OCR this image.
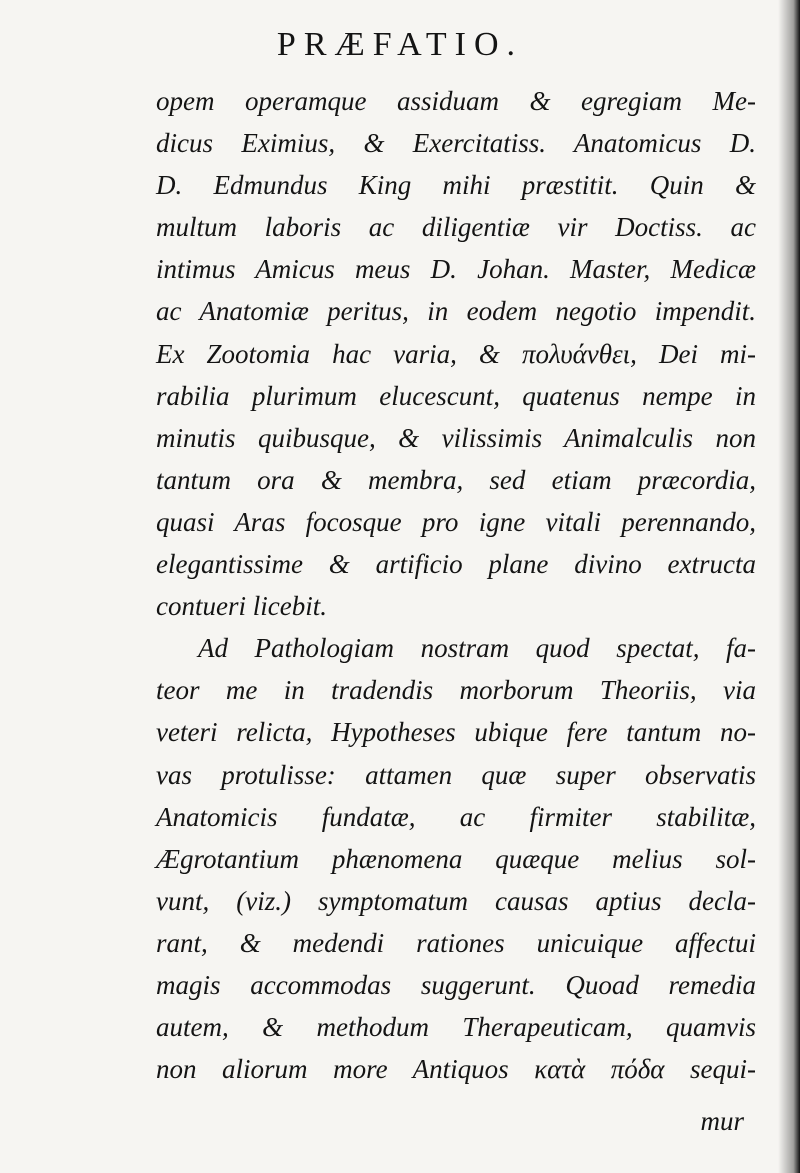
PRÆFATIO.
opem operamque assiduam & egregiam Me-
dicus Eximius, & Exercitatiss. Anatomicus D.
D. Edmundus King mihi præstitit. Quin &
multum laboris ac diligentiæ vir Doctiss. ac
intimus Amicus meus D. Johan. Master, Medicæ
ac Anatomiæ peritus, in eodem negotio impendit.
Ex Zootomia hac varia, & πολυάνθει, Dei mi-
rabilia plurimum elucescunt, quatenus nempe in
minutis quibusque, & vilissimis Animalculis non
tantum ora & membra, sed etiam præcordia,
quasi Aras focosque pro igne vitali perennando,
elegantissime & artificio plane divino extructa
contueri licebit.
Ad Pathologiam nostram quod spectat, fa-
teor me in tradendis morborum Theoriis, via
veteri relicta, Hypotheses ubique fere tantum no-
vas protulisse: attamen quæ super observatis
Anatomicis fundatæ, ac firmiter stabilitæ,
Ægrotantium phænomena quæque melius sol-
vunt, (viz.) symptomatum causas aptius decla-
rant, & medendi rationes unicuique affectui
magis accommodas suggerunt. Quoad remedia
autem, & methodum Therapeuticam, quamvis
non aliorum more Antiquos κατὰ πόδα sequi-
mur
